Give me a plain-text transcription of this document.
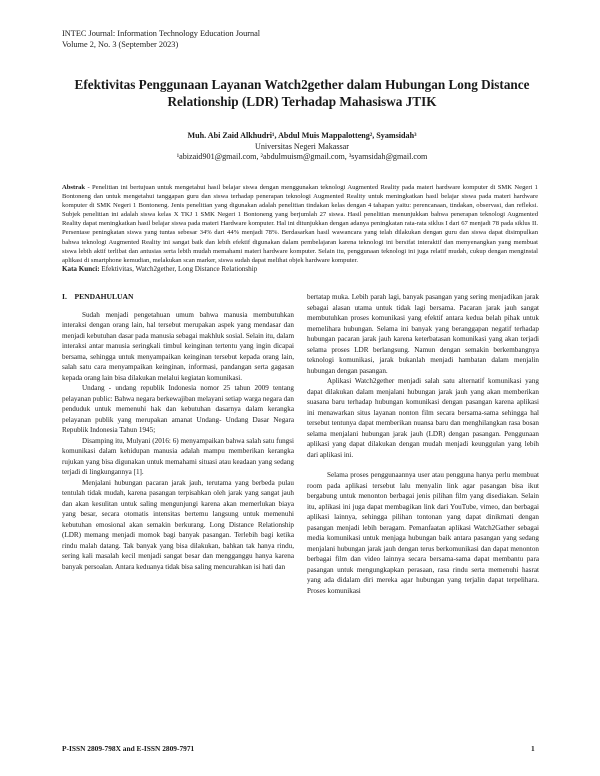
INTEC Journal: Information Technology Education Journal
Volume 2, No. 3 (September 2023)
Efektivitas Penggunaan Layanan Watch2gether dalam Hubungan Long Distance Relationship (LDR) Terhadap Mahasiswa JTIK
Muh. Abi Zaid Alkhudri¹, Abdul Muis Mappalotteng², Syamsidah³
Universitas Negeri Makassar
¹abizaid901@gmail.com, ²abdulmuism@gmail.com, ³syamsidah@gmail.com
Abstrak - Penelitian ini bertujuan untuk mengetahui hasil belajar siswa dengan menggunakan teknologi Augmented Reality pada materi hardware komputer di SMK Negeri 1 Bontoneng dan untuk mengetahui tanggapan guru dan siswa terhadap penerapan teknologi Augmented Reality untuk meningkatkan hasil belajar siswa pada materi hardware komputer di SMK Negeri 1 Bontoneng. Jenis penelitian yang digunakan adalah penelitian tindakan kelas dengan 4 tahapan yaitu: perencanaan, tindakan, observasi, dan refleksi. Subjek penelitian ini adalah siswa kelas X TKJ 1 SMK Negeri 1 Bontoneng yang berjumlah 27 siswa. Hasil penelitian menunjukkan bahwa penerapan teknologi Augmented Reality dapat meningkatkan hasil belajar siswa pada materi Hardware komputer. Hal ini ditunjukkan dengan adanya peningkatan rata-rata siklus I dari 67 menjadi 78 pada siklus II. Persentase peningkatan siswa yang tuntas sebesar 34% dari 44% menjadi 78%. Berdasarkan hasil wawancara yang telah dilakukan dengan guru dan siswa dapat disimpulkan bahwa teknologi Augmented Reality ini sangat baik dan lebih efektif digunakan dalam pembelajaran karena teknologi ini bersifat interaktif dan menyenangkan yang membuat siswa lebih aktif terlibat dan antusias serta lebih mudah memahami materi hardware komputer. Selain itu, penggunaan teknologi ini juga relatif mudah, cukup dengan menginstal aplikasi di smartphone kemudian, melakukan scan marker, siswa sudah dapat melihat objek hardware komputer.
Kata Kunci: Efektivitas, Watch2gether, Long Distance Relationship
I.    PENDAHULUAN

Sudah menjadi pengetahuan umum bahwa manusia membutuhkan interaksi dengan orang lain, hal tersebut merupakan aspek yang mendasar dan menjadi kebutuhan dasar pada manusia sebagai makhluk sosial. Selain itu, dalam interaksi antar manusia seringkali timbul keinginan tertentu yang ingin dicapai bersama, sehingga untuk menyampaikan keinginan tersebut kepada orang lain, salah satu cara menyampaikan keinginan, informasi, pandangan serta gagasan kepada orang lain bisa dilakukan melalui kegiatan komunikasi.

Undang - undang republik Indonesia nomor 25 tahun 2009 tentang pelayanan public: Bahwa negara berkewajiban melayani setiap warga negara dan penduduk untuk memenuhi hak dan kebutuhan dasarnya dalam kerangka pelayanan publik yang merupakan amanat Undang- Undang Dasar Negara Republik Indonesia Tahun 1945;

Disamping itu, Mulyani (2016: 6) menyampaikan bahwa salah satu fungsi komunikasi dalam kehidupan manusia adalah mampu memberikan kerangka rujukan yang bisa digunakan untuk memahami situasi atau keadaan yang sedang terjadi di lingkungannya [1].

Menjalani hubungan pacaran jarak jauh, terutama yang berbeda pulau tentulah tidak mudah, karena pasangan terpisahkan oleh jarak yang sangat jauh dan akan kesulitan untuk saling mengunjungi karena akan memerlukan biaya yang besar, secara otomatis intensitas bertemu langsung untuk memenuhi kebutuhan emosional akan semakin berkurang. Long Distance Relationship (LDR) memang menjadi momok bagi banyak pasangan. Terlebih bagi ketika rindu malah datang. Tak banyak yang bisa dilakukan, bahkan tak hanya rindu, sering kali masalah kecil menjadi sangat besar dan mengganggu hanya karena banyak persoalan. Antara keduanya tidak bisa saling mencurahkan isi hati dan

bertatap muka. Lebih parah lagi, banyak pasangan yang sering menjadikan jarak sebagai alasan utama untuk tidak lagi bersama. Pacaran jarak jauh sangat membutuhkan proses komunikasi yang efektif antara kedua belah pihak untuk memelihara hubungan. Selama ini banyak yang beranggapan negatif terhadap hubungan pacaran jarak jauh karena keterbatasan komunikasi yang akan terjadi selama proses LDR berlangsung. Namun dengan semakin berkembangnya teknologi komunikasi, jarak bukanlah menjadi hambatan dalam menjalin hubungan dengan pasangan.

Aplikasi Watch2gether menjadi salah satu alternatif komunikasi yang dapat dilakukan dalam menjalani hubungan jarak jauh yang akan memberikan suasana baru terhadap hubungan komunikasi dengan pasangan karena aplikasi ini menawarkan situs layanan nonton film secara bersama-sama sehingga hal tersebut tentunya dapat memberikan nuansa baru dan menghilangkan rasa bosan selama menjalani hubungan jarak jauh (LDR) dengan pasangan. Penggunaan aplikasi yang dapat dilakukan dengan mudah menjadi keunggulan yang lebih dari aplikasi ini.

Selama proses penggunaannya user atau pengguna hanya perlu membuat room pada aplikasi tersebut lalu menyalin link agar pasangan bisa ikut bergabung untuk menonton berbagai jenis pilihan film yang disediakan. Selain itu, aplikasi ini juga dapat membagikan link dari YouTube, vimeo, dan berbagai aplikasi lainnya, sehingga pilihan tontonan yang dapat dinikmati dengan pasangan menjadi lebih beragam. Pemanfaatan aplikasi Watch2Gather sebagai media komunikasi untuk menjaga hubungan baik antara pasangan yang sedang menjalani hubungan jarak jauh dengan terus berkomunikasi dan dapat menonton berbagai film dan video lainnya secara bersama-sama dapat membantu para pasangan untuk mengungkapkan perasaan, rasa rindu serta memenuhi hasrat yang ada didalam diri mereka agar hubungan yang terjalin dapat terpelihara. Proses komunikasi

P-ISSN 2809-798X and E-ISSN 2809-7971	1
